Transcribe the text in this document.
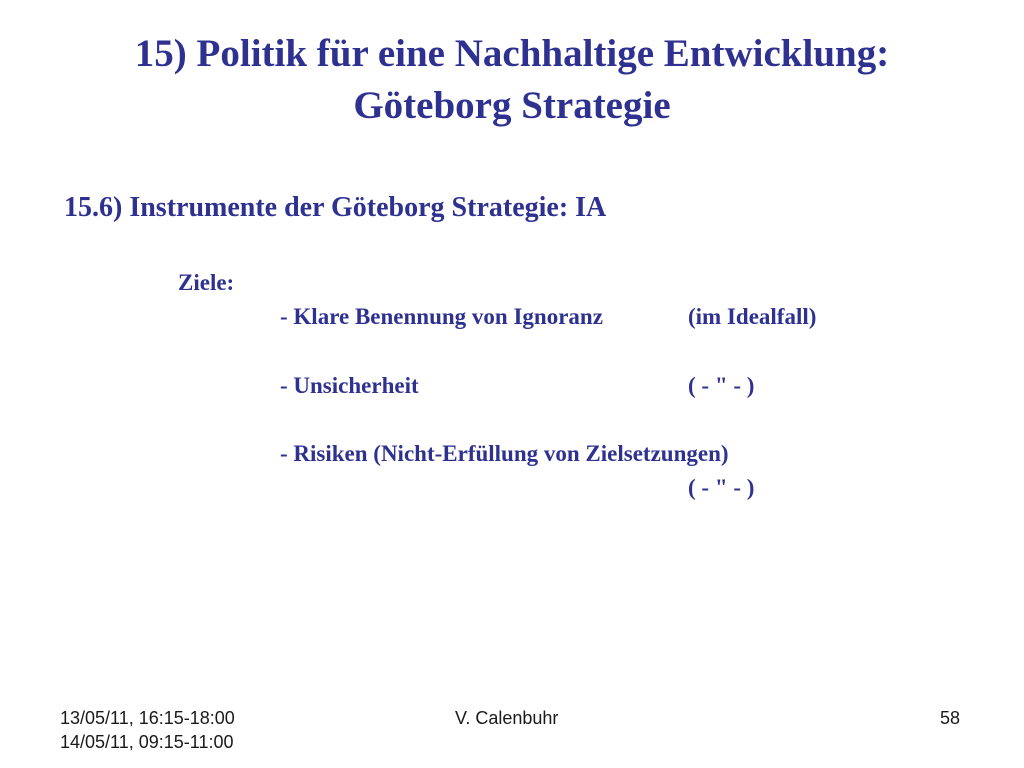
15) Politik für eine Nachhaltige Entwicklung:
Göteborg Strategie
15.6) Instrumente der Göteborg Strategie: IA
Ziele:
- Klare Benennung von Ignoranz	(im Idealfall)
- Unsicherheit	( - " - )
- Risiken (Nicht-Erfüllung von Zielsetzungen)
( - " - )
13/05/11, 16:15-18:00
14/05/11, 09:15-11:00
V. Calenbuhr	58
